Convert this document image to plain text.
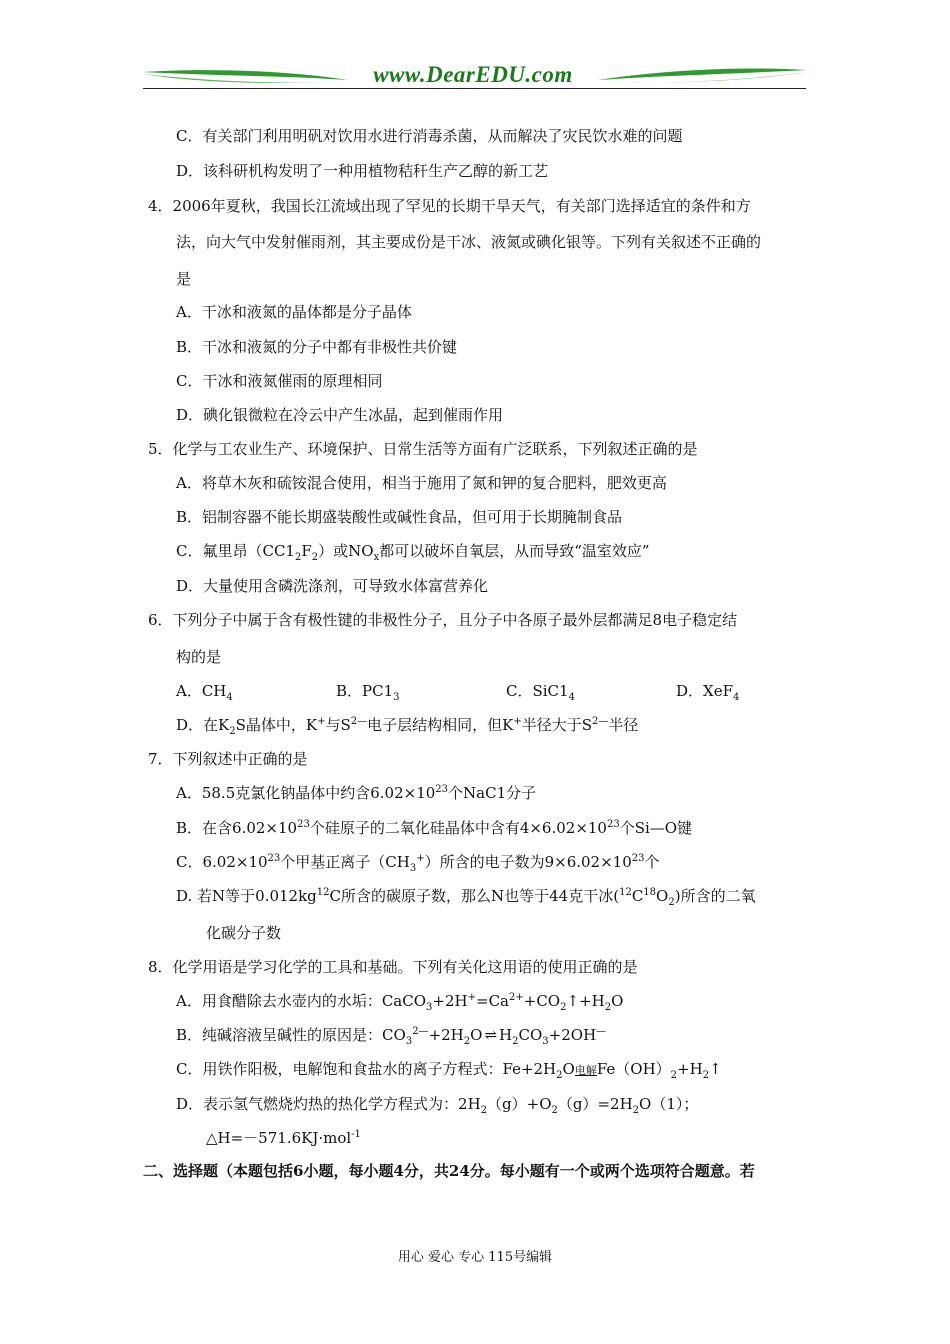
www.DearEDU.com
C．有关部门利用明矾对饮用水进行消毒杀菌，从而解决了灾民饮水难的问题
D．该科研机构发明了一种用植物秸秆生产乙醇的新工艺
4．2006年夏秋，我国长江流域出现了罕见的长期干旱天气，有关部门选择适宜的条件和方
法，向大气中发射催雨剂，其主要成份是干冰、液氮或碘化银等。下列有关叙述不正确的
是
A．干冰和液氮的晶体都是分子晶体
B．干冰和液氮的分子中都有非极性共价键
C．干冰和液氮催雨的原理相同
D．碘化银微粒在冷云中产生冰晶，起到催雨作用
5．化学与工农业生产、环境保护、日常生活等方面有广泛联系，下列叙述正确的是
A．将草木灰和硫铵混合使用，相当于施用了氮和钾的复合肥料，肥效更高
B．铝制容器不能长期盛装酸性或碱性食品，但可用于长期腌制食品
C．氟里昂$(CC1_2F_2)$或$NO_x$都可以破坏自氧层，从而导致“温室效应”
D．大量使用含磷洗涤剂，可导致水体富营养化
6．下列分子中属于含有极性键的非极性分子，且分子中各原子最外层都满足8电子稳定结
构的是
A．$CH_4$	B．$PC1_3$	C．$SiC1_4$	D．XeF$_4$
D．在$K_2S$晶体中，K+与$S^{2—}$电子层结构相同，但K+半径大于$S^{2—}$半径
7．下列叙述中正确的是
A．58.5克氯化钠晶体中约含$6.02\times 10^{23}$个NaC1分子
B．在含$6.02\times 10^{23}$个硅原子的二氧化硅晶体中含有$4\times 6.02\times 10^{23}$个Si—O键
C．$6.02\times 10^{23}$个甲基正离子$(CH_3^+)$所含的电子数为$9\times 6.02\times 10^{23}$个
D. 若N等于$0.012kg^{12}C$所含的碳原子数，那么N也等于44克干冰$(^{12}C^{18}O_2)$所含的二氧
化碳分子数
8．化学用语是学习化学的工具和基础。下列有关化这用语的使用正确的是
A．用食醋除去水壶内的水垢：$CaCO_3+2H^+=Ca^{2+}+CO_2↑+H_2O$
B．纯碱溶液呈碱性的原因是：$CO_3^{2—}+2H_2O$ ⇌ $H_2CO_3+2OH^—$
C．用铁作阳极，电解饱和食盐水的离子方程式：$Fe+2H_2O$电解$Fe(OH)_2+H_2↑$
D．表示氢气燃烧灼热的热化学方程式为：$2H_2(g)+O_2(g)=2H_2O(1)$；
△H=－571.6KJ·mol$^{-1}$
二、选择题（本题包括6小题，每小题4分，共24分。每小题有一个或两个选项符合题意。若
用心 爱心 专心 115号编辑
